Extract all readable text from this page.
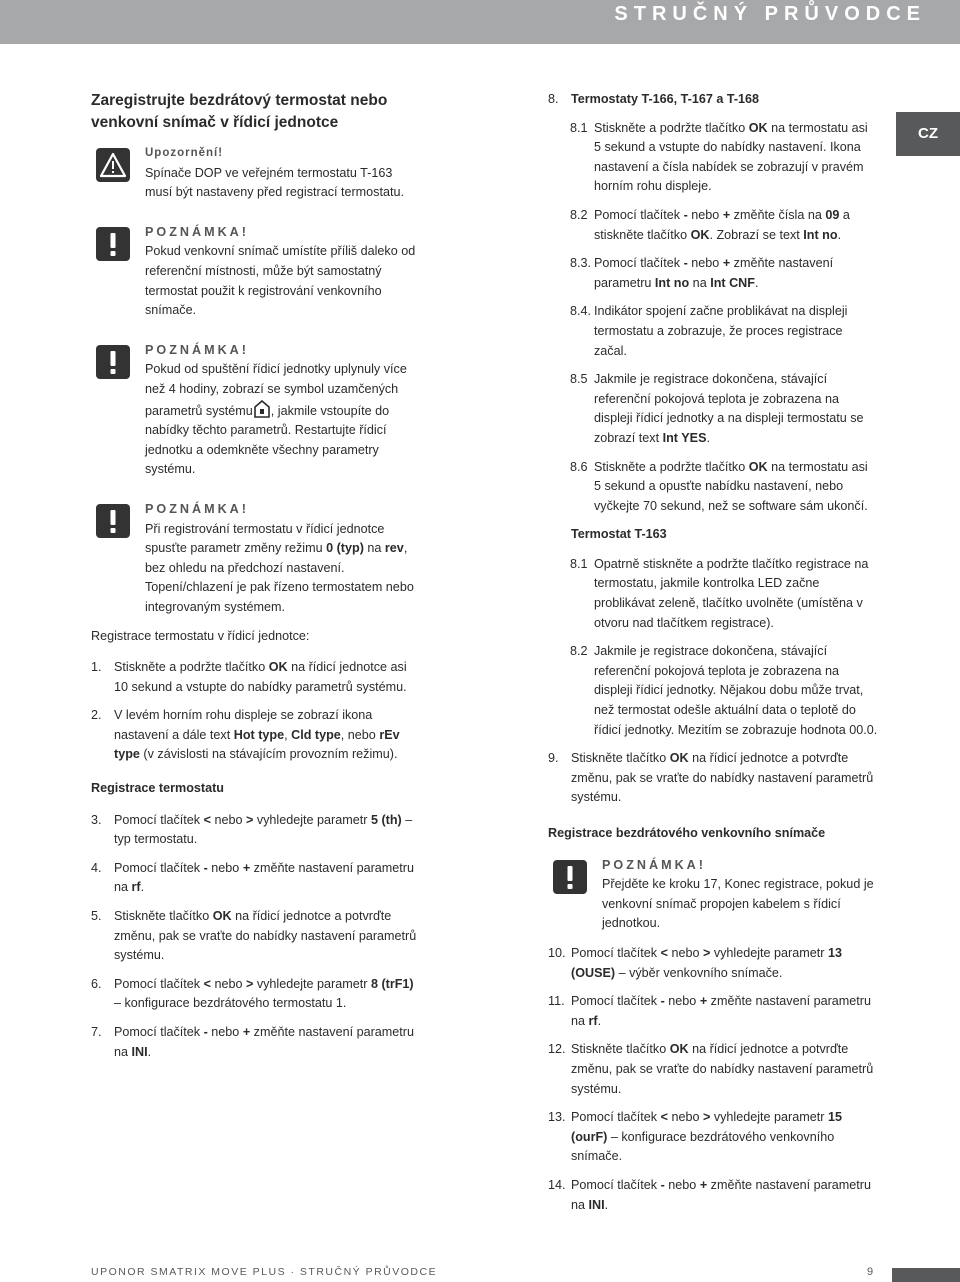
STRUČNÝ PRŮVODCE
CZ
Zaregistrujte bezdrátový termostat nebo venkovní snímač v řídicí jednotce
Upozornění!
Spínače DOP ve veřejném termostatu T-163 musí být nastaveny před registrací termostatu.
POZNÁMKA!
Pokud venkovní snímač umístíte příliš daleko od referenční místnosti, může být samostatný termostat použit k registrování venkovního snímače.
POZNÁMKA!
Pokud od spuštění řídicí jednotky uplynuly více než 4 hodiny, zobrazí se symbol uzamčených parametrů systému , jakmile vstoupíte do nabídky těchto parametrů. Restartujte řídicí jednotku a odemkněte všechny parametry systému.
POZNÁMKA!
Při registrování termostatu v řídicí jednotce spusťte parametr změny režimu 0 (typ) na rev, bez ohledu na předchozí nastavení. Topení/chlazení je pak řízeno termostatem nebo integrovaným systémem.
Registrace termostatu v řídicí jednotce:
1. Stiskněte a podržte tlačítko OK na řídicí jednotce asi 10 sekund a vstupte do nabídky parametrů systému.
2. V levém horním rohu displeje se zobrazí ikona nastavení a dále text Hot type, Cld type, nebo rEv type (v závislosti na stávajícím provozním režimu).
Registrace termostatu
3. Pomocí tlačítek < nebo > vyhledejte parametr 5 (th) – typ termostatu.
4. Pomocí tlačítek - nebo + změňte nastavení parametru na rf.
5. Stiskněte tlačítko OK na řídicí jednotce a potvrďte změnu, pak se vraťte do nabídky nastavení parametrů systému.
6. Pomocí tlačítek < nebo > vyhledejte parametr 8 (trF1) – konfigurace bezdrátového termostatu 1.
7. Pomocí tlačítek - nebo + změňte nastavení parametru na INI.
8. Termostaty T-166, T-167 a T-168
8.1 Stiskněte a podržte tlačítko OK na termostatu asi 5 sekund a vstupte do nabídky nastavení. Ikona nastavení a čísla nabídek se zobrazují v pravém horním rohu displeje.
8.2 Pomocí tlačítek - nebo + změňte čísla na 09 a stiskněte tlačítko OK. Zobrazí se text Int no.
8.3. Pomocí tlačítek - nebo + změňte nastavení parametru Int no na Int CNF.
8.4. Indikátor spojení začne problikávat na displeji termostatu a zobrazuje, že proces registrace začal.
8.5 Jakmile je registrace dokončena, stávající referenční pokojová teplota je zobrazena na displeji řídicí jednotky a na displeji termostatu se zobrazí text Int YES.
8.6 Stiskněte a podržte tlačítko OK na termostatu asi 5 sekund a opusťte nabídku nastavení, nebo vyčkejte 70 sekund, než se software sám ukončí.
Termostat T-163
8.1 Opatrně stiskněte a podržte tlačítko registrace na termostatu, jakmile kontrolka LED začne problikávat zeleně, tlačítko uvolněte (umístěna v otvoru nad tlačítkem registrace).
8.2 Jakmile je registrace dokončena, stávající referenční pokojová teplota je zobrazena na displeji řídicí jednotky. Nějakou dobu může trvat, než termostat odešle aktuální data o teplotě do řídicí jednotky. Mezitím se zobrazuje hodnota 00.0.
9. Stiskněte tlačítko OK na řídicí jednotce a potvrďte změnu, pak se vraťte do nabídky nastavení parametrů systému.
Registrace bezdrátového venkovního snímače
POZNÁMKA!
Přejděte ke kroku 17, Konec registrace, pokud je venkovní snímač propojen kabelem s řídicí jednotkou.
10. Pomocí tlačítek < nebo > vyhledejte parametr 13 (OUSE) – výběr venkovního snímače.
11. Pomocí tlačítek - nebo + změňte nastavení parametru na rf.
12. Stiskněte tlačítko OK na řídicí jednotce a potvrďte změnu, pak se vraťte do nabídky nastavení parametrů systému.
13. Pomocí tlačítek < nebo > vyhledejte parametr 15 (ourF) – konfigurace bezdrátového venkovního snímače.
14. Pomocí tlačítek - nebo + změňte nastavení parametru na INI.
UPONOR SMATRIX MOVE PLUS · STRUČNÝ PRŮVODCE	9
